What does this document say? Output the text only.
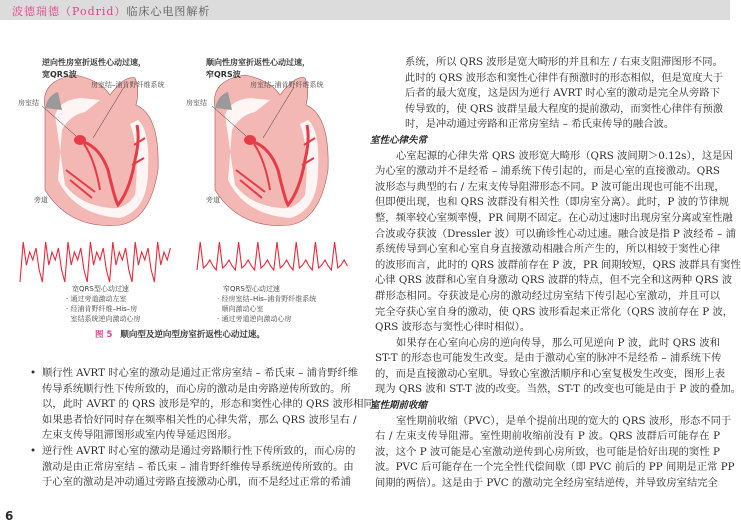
波德瑞德（Podrid）临床心电图解析
逆向性房室折返性心动过速，
宽QRS波
顺向性房室折返性心动过速，
窄QRS波
房室结–浦肯野纤维系统	房室结–浦肯野纤维系统
房室结	房室结
旁道	旁道
宽QRS型心动过速
· 通过旁道激动左室
· 经浦肯野纤维–His–房
室结系统逆向激动心房
窄QRS型心动过速
· 经房室结–His–浦肯野纤维系统
顺向激动心室
· 通过旁道逆向激动心房
图 5 顺向型及逆向型房室折返性心动过速。
• 顺行性 AVRT 时心室的激动是通过正常房室结 – 希氏束 – 浦肯野纤维
传导系统顺行性下传所致的，而心房的激动是由旁路逆传所致的。所
以，此时 AVRT 的 QRS 波形是窄的，形态和窦性心律的 QRS 波形相同。
如果患者恰好同时存在频率相关性的心律失常，那么 QRS 波形呈右 /
左束支传导阻滞图形或室内传导延迟图形。
• 逆行性 AVRT 时心室的激动是通过旁路顺行性下传所致的，而心房的
激动是由正常房室结 – 希氏束 – 浦肯野纤维传导系统逆传所致的。由
于心室的激动是冲动通过旁路直接激动心肌，而不是经过正常的希浦
系统，所以 QRS 波形是宽大畸形的并且和左 / 右束支阻滞图形不同。
此时的 QRS 波形态和窦性心律伴有预激时的形态相似，但是宽度大于
后者的最大宽度，这是因为逆行 AVRT 时心室的激动是完全从旁路下
传导致的，使 QRS 波群呈最大程度的提前激动，而窦性心律伴有预激
时，是冲动通过旁路和正常房室结 – 希氏束传导的融合波。
室性心律失常
心室起源的心律失常 QRS 波形宽大畸形（QRS 波间期＞0.12s），这是因
为心室的激动并不是经希 – 浦系统下传引起的，而是心室的直接激动。QRS
波形态与典型的右 / 左束支传导阻滞形态不同。P 波可能出现也可能不出现，
但即便出现，也和 QRS 波群没有相关性（即房室分离）。此时，P 波的节律规
整，频率较心室频率慢，PR 间期不固定。在心动过速时出现房室分离或室性融
合波或夺获波（Dressler 波）可以确诊性心动过速。融合波是指 P 波经希 – 浦
系统传导到心室和心室自身直接激动相融合所产生的，所以相较于窦性心律
的波形而言，此时的 QRS 波群前存在 P 波，PR 间期较短，QRS 波群具有窦性
心律 QRS 波群和心室自身激动 QRS 波群的特点，但不完全和这两种 QRS 波
群形态相同。夺获波是心房的激动经过房室结下传引起心室激动，并且可以
完全夺获心室自身的激动，使 QRS 波形看起来正常化（QRS 波前存在 P 波，
QRS 波形态与窦性心律时相似）。
如果存在心室向心房的逆向传导，那么可见逆向 P 波，此时 QRS 波和
ST-T 的形态也可能发生改变。是由于激动心室的脉冲不是经希 – 浦系统下传
的，而是直接激动心室肌。导致心室激活顺序和心室复极发生改变，图形上表
现为 QRS 波和 ST-T 波的改变。当然，ST-T 的改变也可能是由于 P 波的叠加。
室性期前收缩
室性期前收缩（PVC），是单个提前出现的宽大的 QRS 波形，形态不同于
右 / 左束支传导阻滞。室性期前收缩前没有 P 波。QRS 波群后可能存在 P
波，这个 P 波可能是心室激动逆传到心房所致，也可能是恰好出现的窦性 P
波。PVC 后可能存在一个完全性代偿间歇（即 PVC 前后的 PP 间期是正常 PP
间期的两倍）。这是由于 PVC 的激动完全经房室结逆传，并导致房室结完全
6
